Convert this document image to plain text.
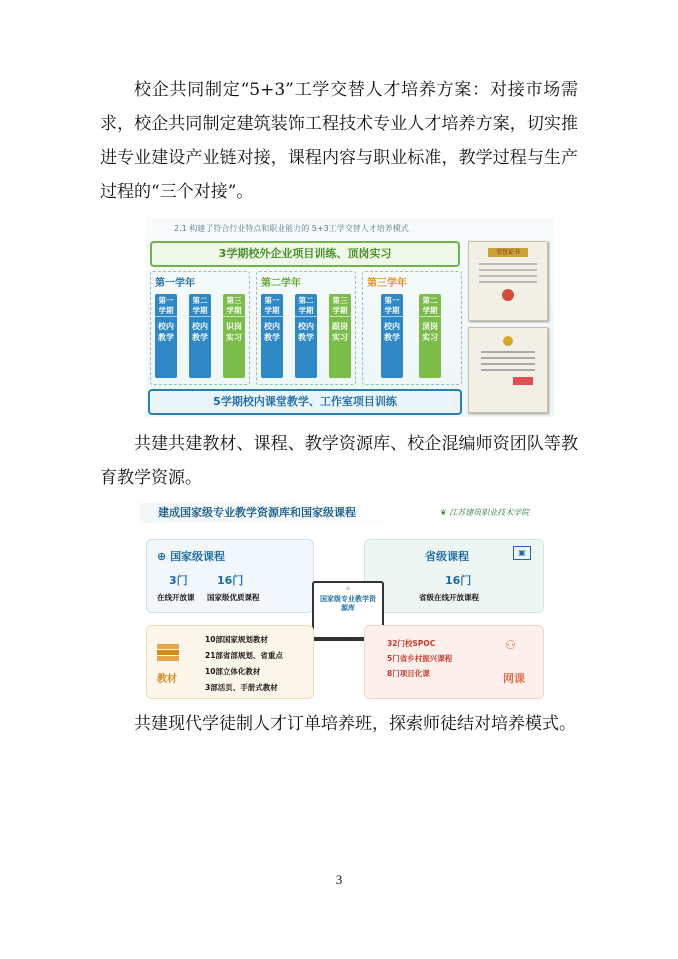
校企共同制定“5+3”工学交替人才培养方案：对接市场需求，校企共同制定建筑装饰工程技术专业人才培养方案，切实推进专业建设产业链对接，课程内容与职业标准，教学过程与生产过程的“三个对接”。
2.1 构建了符合行业特点和职业能力的 5+3工学交替人才培养模式
3学期校外企业项目训练、顶岗实习
第一学年
第一学期
校内教学
第二学期
校内教学
第三学期
识岗实习
第二学年
第一学期
校内教学
第二学期
校内教学
第三学期
跟岗实习
第三学年
第一学期
校内教学
第二学期
顶岗实习
5学期校内课堂教学、工作室项目训练
荣誉证书
共建共建教材、课程、教学资源库、校企混编师资团队等教育教学资源。
建成国家级专业教学资源库和国家级课程	❦ 江苏建筑职业技术学院
⊕ 国家级课程
3门	16门
在线开放课 国家级优质课程
省级课程	▣
16门
省级在线开放课程
✧
国家级专业教学资源库
教材
10部国家规划教材
21部省部规划、省重点
10部立体化教材
3部活页、手册式教材
32门校SPOC
5门省乡村振兴课程
8门项目化课
⚇
网课
共建现代学徒制人才订单培养班，探索师徒结对培养模式。
3
